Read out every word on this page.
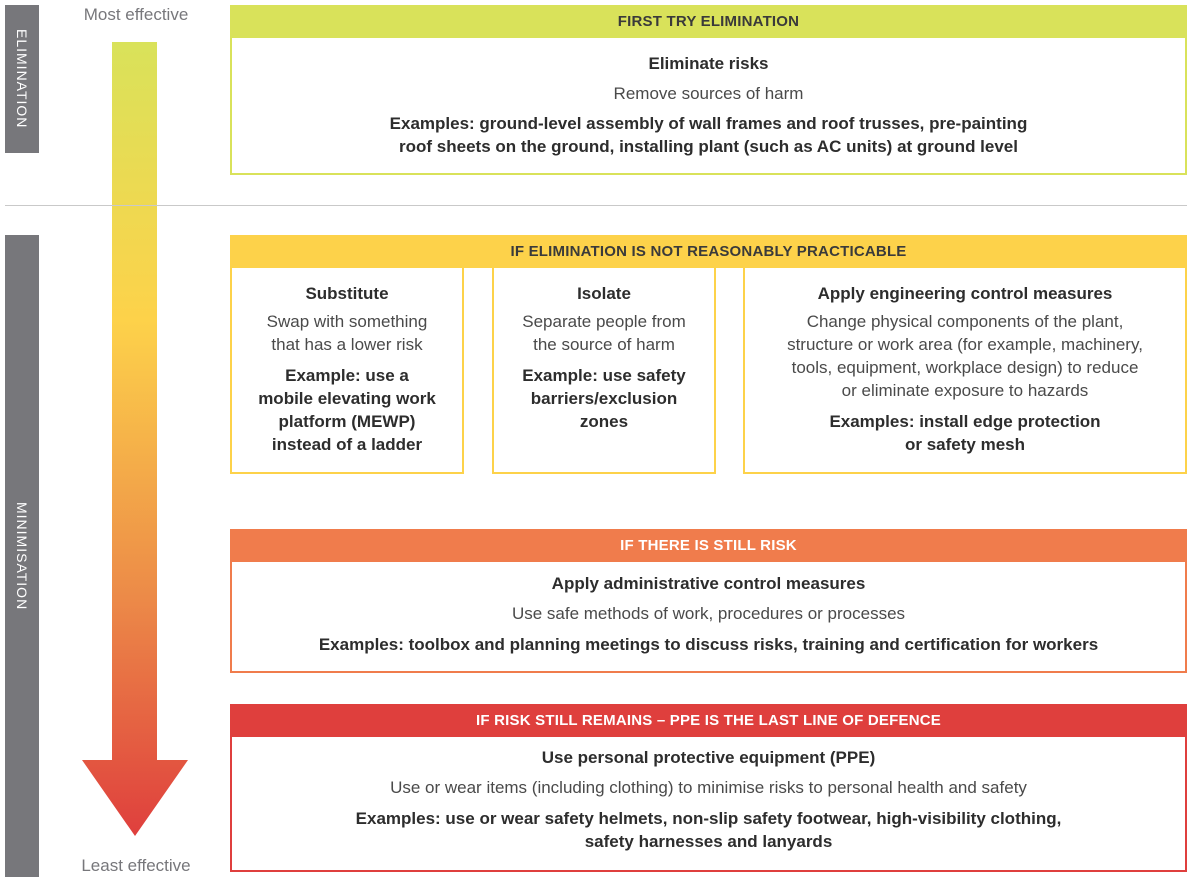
ELIMINATION
MINIMISATION
Most effective
Least effective
FIRST TRY ELIMINATION
Eliminate risks
Remove sources of harm
Examples: ground-level assembly of wall frames and roof trusses, pre-painting
roof sheets on the ground, installing plant (such as AC units) at ground level
IF ELIMINATION IS NOT REASONABLY PRACTICABLE
Substitute
Swap with something
that has a lower risk
Example: use a
mobile elevating work
platform (MEWP)
instead of a ladder
Isolate
Separate people from
the source of harm
Example: use safety
barriers/exclusion
zones
Apply engineering control measures
Change physical components of the plant,
structure or work area (for example, machinery,
tools, equipment, workplace design) to reduce
or eliminate exposure to hazards
Examples: install edge protection
or safety mesh
IF THERE IS STILL RISK
Apply administrative control measures
Use safe methods of work, procedures or processes
Examples: toolbox and planning meetings to discuss risks, training and certification for workers
IF RISK STILL REMAINS – PPE IS THE LAST LINE OF DEFENCE
Use personal protective equipment (PPE)
Use or wear items (including clothing) to minimise risks to personal health and safety
Examples: use or wear safety helmets, non-slip safety footwear, high-visibility clothing,
safety harnesses and lanyards
